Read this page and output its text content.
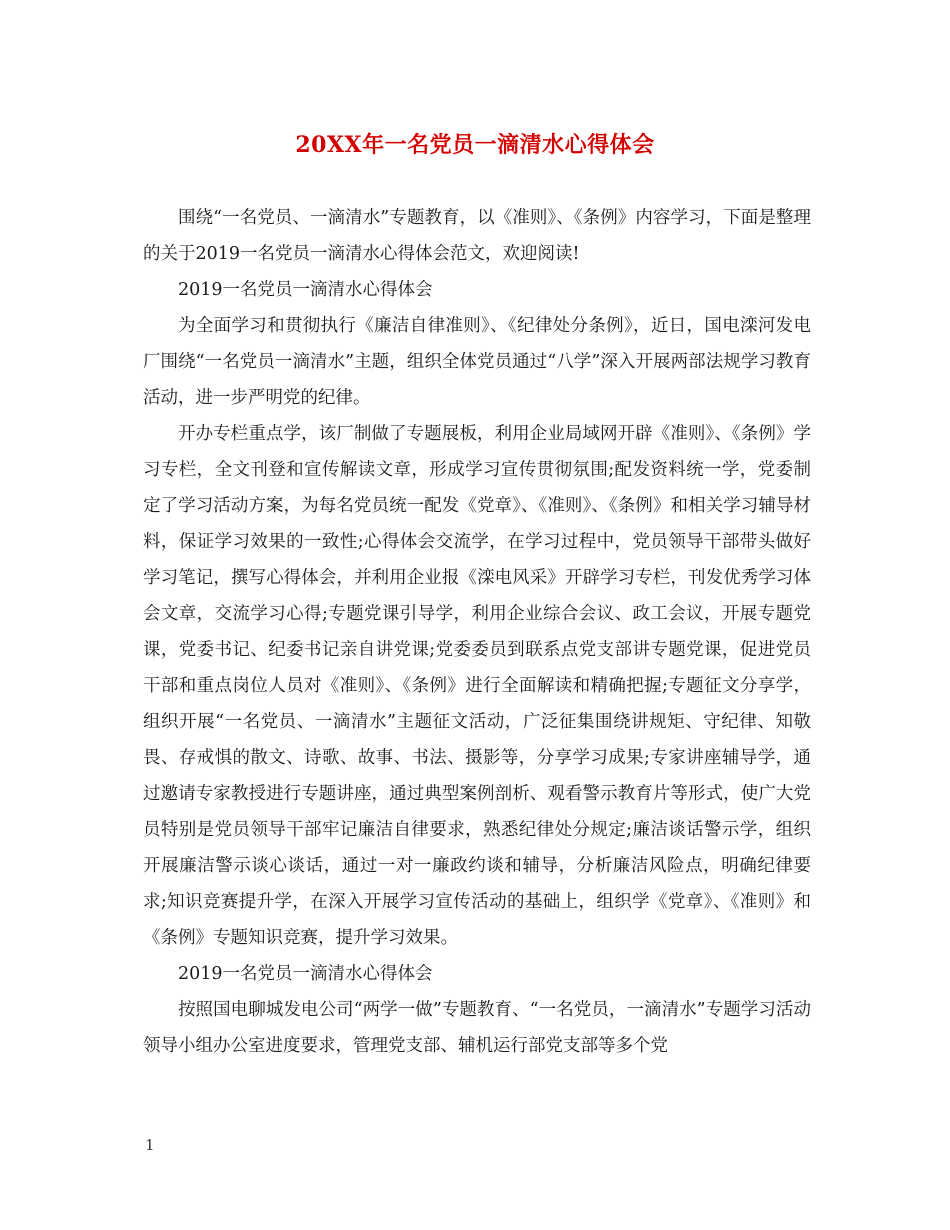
20XX年一名党员一滴清水心得体会

围绕“一名党员、一滴清水”专题教育，以《准则》、《条例》内容学习，下面是整理的关于2019一名党员一滴清水心得体会范文，欢迎阅读!

2019一名党员一滴清水心得体会

为全面学习和贯彻执行《廉洁自律准则》、《纪律处分条例》，近日，国电滦河发电厂围绕“一名党员一滴清水”主题，组织全体党员通过“八学”深入开展两部法规学习教育活动，进一步严明党的纪律。

开办专栏重点学，该厂制做了专题展板，利用企业局域网开辟《准则》、《条例》学习专栏，全文刊登和宣传解读文章，形成学习宣传贯彻氛围;配发资料统一学，党委制定了学习活动方案，为每名党员统一配发《党章》、《准则》、《条例》和相关学习辅导材料，保证学习效果的一致性;心得体会交流学，在学习过程中，党员领导干部带头做好学习笔记，撰写心得体会，并利用企业报《滦电风采》开辟学习专栏，刊发优秀学习体会文章，交流学习心得;专题党课引导学，利用企业综合会议、政工会议，开展专题党课，党委书记、纪委书记亲自讲党课;党委委员到联系点党支部讲专题党课，促进党员干部和重点岗位人员对《准则》、《条例》进行全面解读和精确把握;专题征文分享学，组织开展“一名党员、一滴清水”主题征文活动，广泛征集围绕讲规矩、守纪律、知敬畏、存戒惧的散文、诗歌、故事、书法、摄影等，分享学习成果;专家讲座辅导学，通过邀请专家教授进行专题讲座，通过典型案例剖析、观看警示教育片等形式，使广大党员特别是党员领导干部牢记廉洁自律要求，熟悉纪律处分规定;廉洁谈话警示学，组织开展廉洁警示谈心谈话，通过一对一廉政约谈和辅导，分析廉洁风险点，明确纪律要求;知识竞赛提升学，在深入开展学习宣传活动的基础上，组织学《党章》、《准则》和《条例》专题知识竞赛，提升学习效果。

2019一名党员一滴清水心得体会

按照国电聊城发电公司“两学一做”专题教育、“一名党员，一滴清水”专题学习活动领导小组办公室进度要求，管理党支部、辅机运行部党支部等多个党

1
